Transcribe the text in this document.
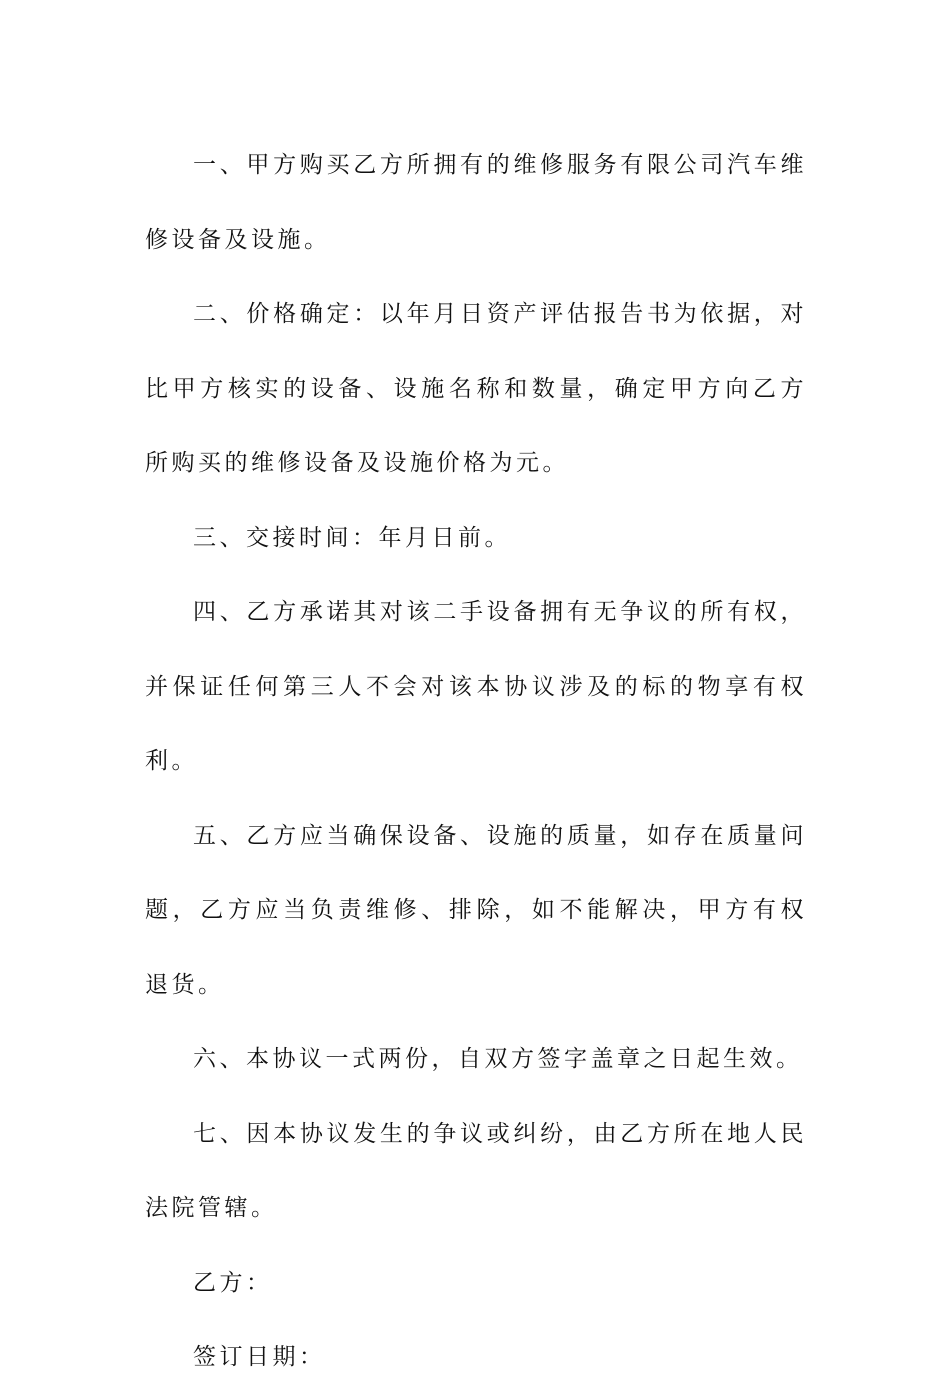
一、甲方购买乙方所拥有的维修服务有限公司汽车维修设备及设施。

二、价格确定：以年月日资产评估报告书为依据，对比甲方核实的设备、设施名称和数量，确定甲方向乙方所购买的维修设备及设施价格为元。

三、交接时间：年月日前。

四、乙方承诺其对该二手设备拥有无争议的所有权，并保证任何第三人不会对该本协议涉及的标的物享有权利。

五、乙方应当确保设备、设施的质量，如存在质量问题，乙方应当负责维修、排除，如不能解决，甲方有权退货。

六、本协议一式两份，自双方签字盖章之日起生效。

七、因本协议发生的争议或纠纷，由乙方所在地人民法院管辖。

乙方：

签订日期：
